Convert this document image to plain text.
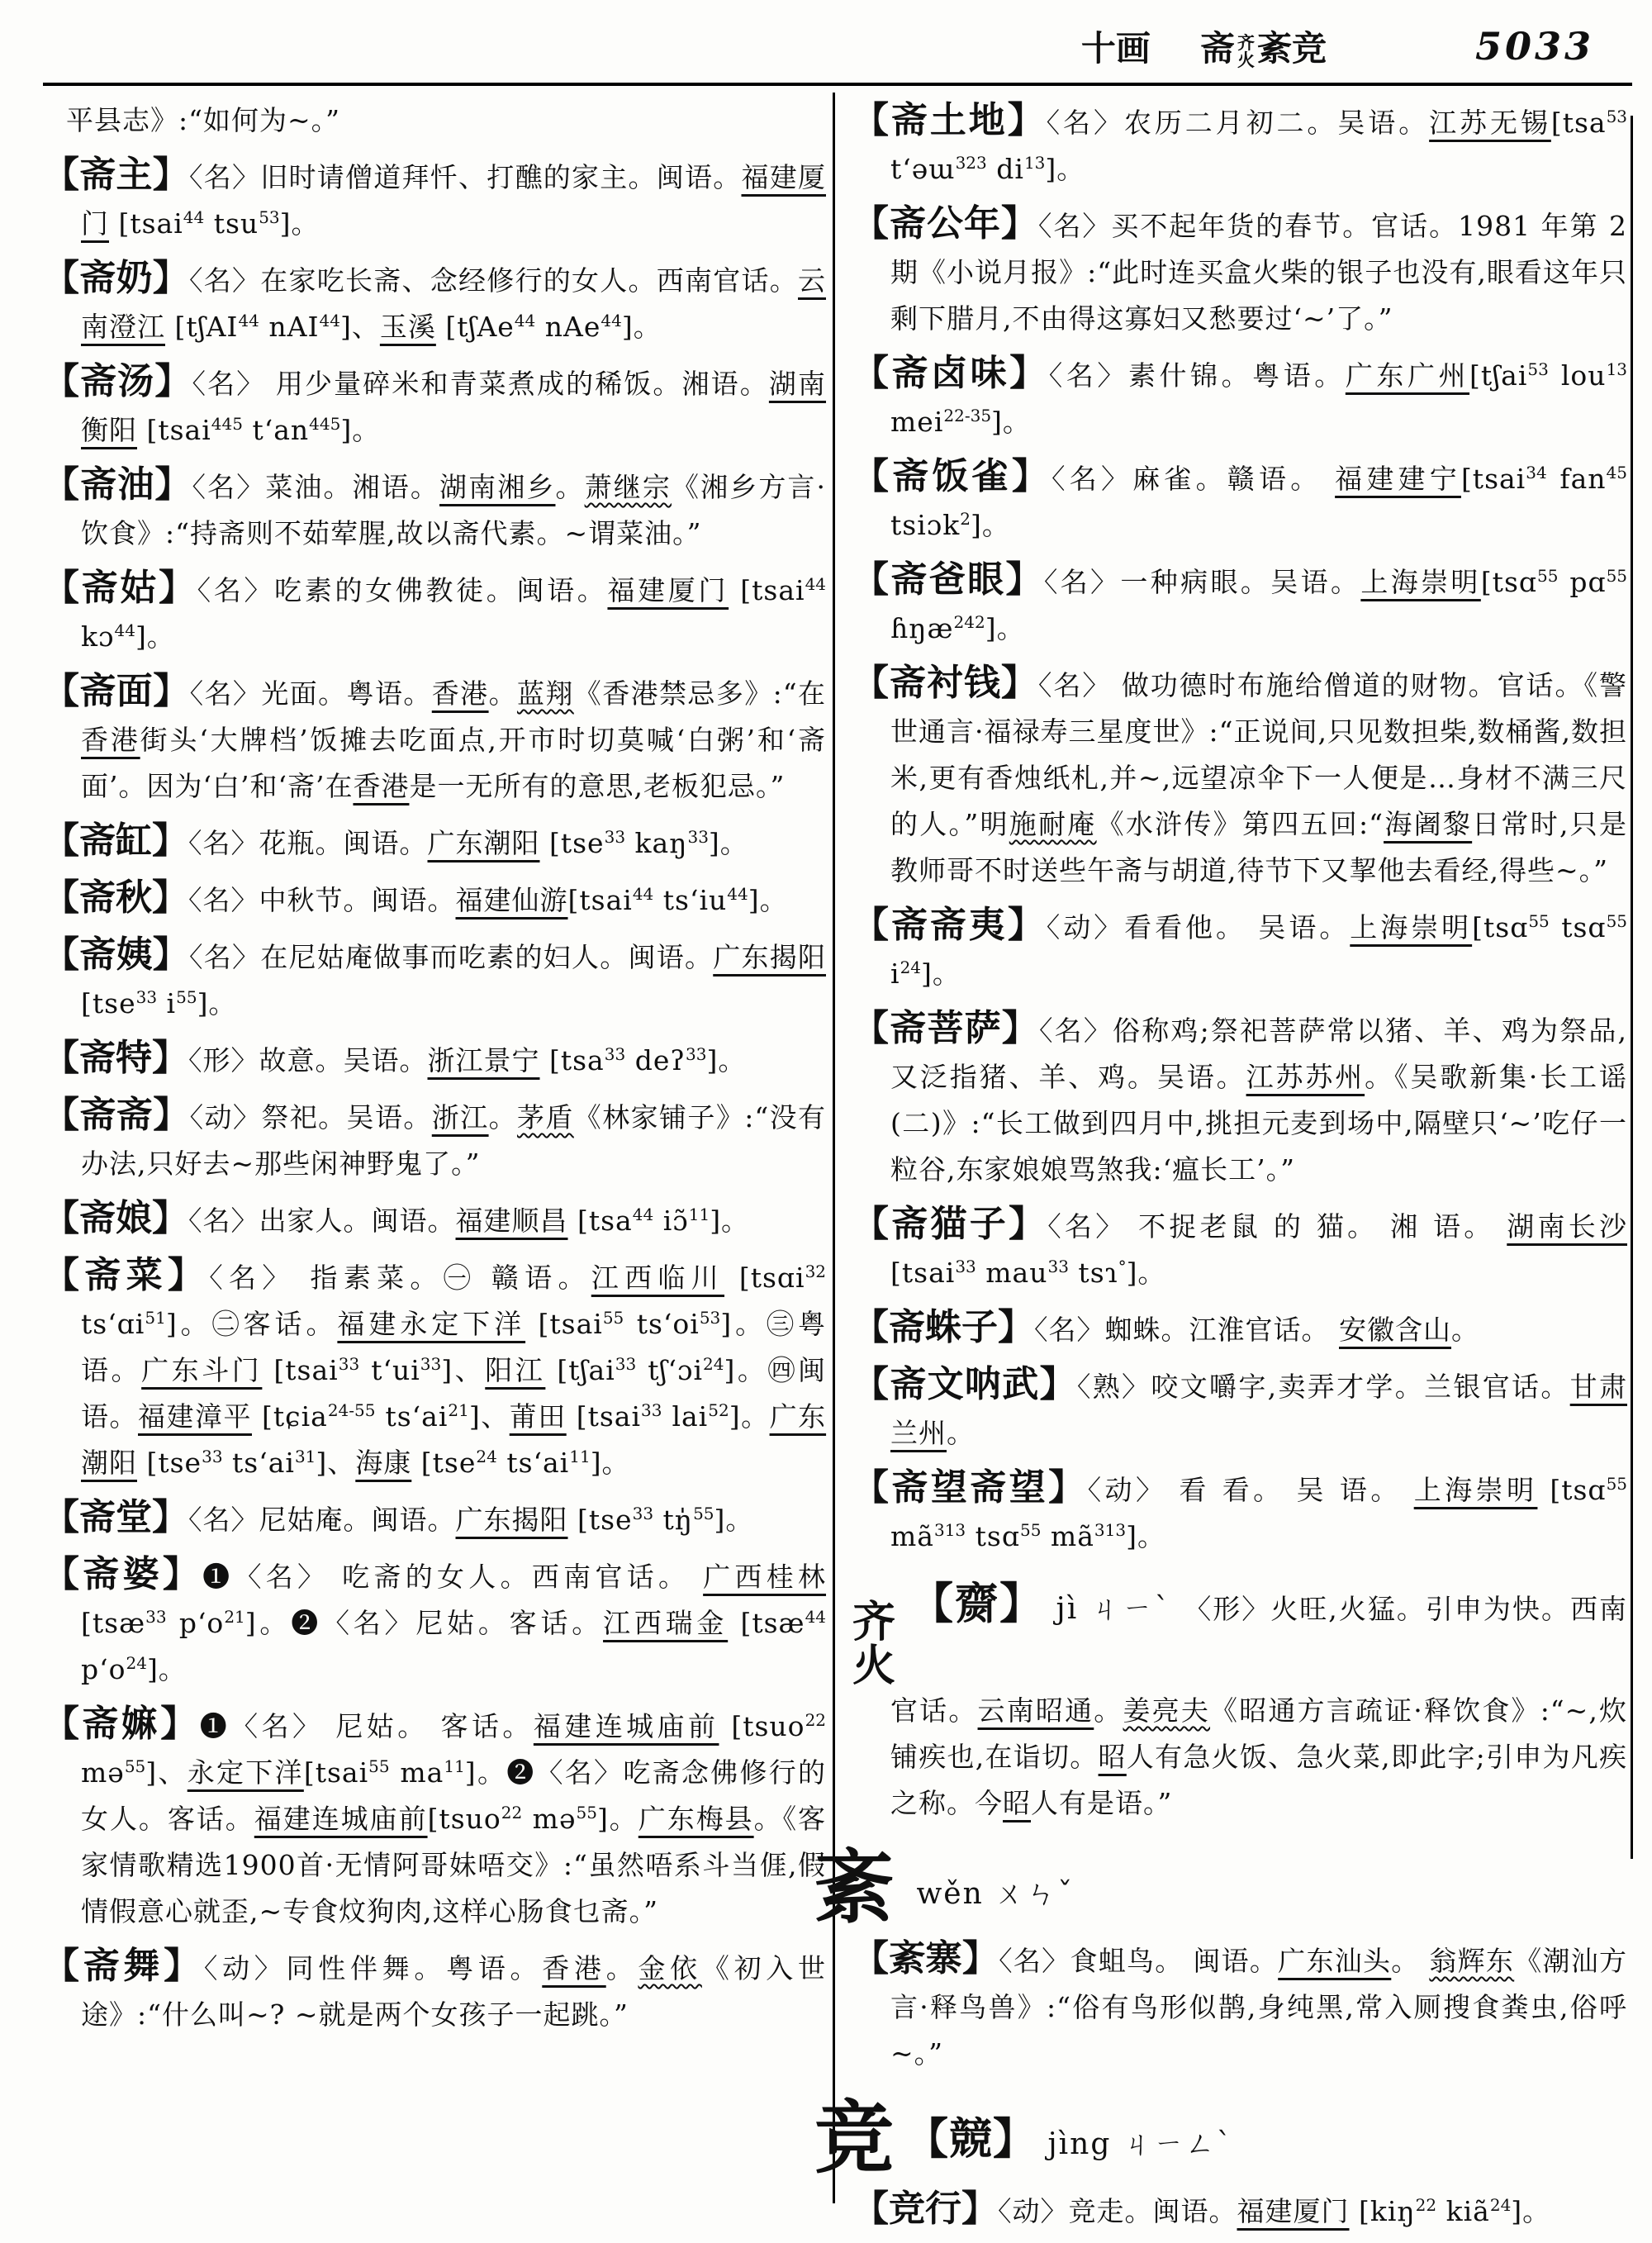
十画 斋 齐
火 紊竞	5033

平县志》:“如何为~。”

【斋主】〈名〉旧时请僧道拜忏、打醮的家主。闽语。福建厦门 [tsai$^{44}$ tsu$^{53}$]。

【斋奶】〈名〉在家吃长斋、念经修行的女人。西南官话。云南澄江 [tʃAI$^{44}$ nAI$^{44}$]、玉溪 [tʃAe$^{44}$ nAe$^{44}$]。

【斋汤】〈名〉 用少量碎米和青菜煮成的稀饭。湘语。湖南衡阳 [tsai$^{445}$ $t‘an^{445}$]。

【斋油】〈名〉菜油。湘语。湖南湘乡。萧继宗《湘乡方言·饮食》:“持斋则不茹荤腥,故以斋代素。~谓菜油。”

【斋姑】〈名〉吃素的女佛教徒。闽语。福建厦门 [tsai$^{44}$ kɔ$^{44}$]。

【斋面】〈名〉光面。粤语。香港。蓝翔《香港禁忌多》:“在香港街头‘大牌档’饭摊去吃面点,开市时切莫喊‘白粥’和‘斋面’。因为‘白’和‘斋’在香港是一无所有的意思,老板犯忌。”

【斋缸】〈名〉花瓶。闽语。广东潮阳 [tse$^{33}$ kaŋ$^{33}$]。

【斋秋】〈名〉中秋节。闽语。福建仙游[tsai$^{44}$ $ts‘iu^{44}$]。

【斋姨】〈名〉在尼姑庵做事而吃素的妇人。闽语。广东揭阳 [tse$^{33}$ $i^{55}$]。

【斋特】〈形〉故意。吴语。浙江景宁 [tsa$^{33}$ deʔ$^{33}$]。

【斋斋】〈动〉祭祀。吴语。浙江。茅盾《林家铺子》:“没有办法,只好去~那些闲神野鬼了。”

【斋娘】〈名〉出家人。闽语。福建顺昌 [tsa$^{44}$ iɔ̃$^{11}$]。

【斋菜】〈名〉 指素菜。㊀ 赣语。江西临川 [tsɑi$^{32}$ ts‘ɑi$^{51}$]。㊁客话。福建永定下洋 [tsai$^{55}$ $ts‘oi^{53}$]。㊂粤语。广东斗门 [tsai$^{33}$ $t‘ui^{33}$]、阳江 [tʃai$^{33}$ tʃ‘ɔi$^{24}$]。㊃闽语。福建漳平 [tɕia$^{24-55}$ $ts‘ai^{21}$]、莆田 [tsai$^{33}$ lai$^{52}$]。广东潮阳 [tse$^{33}$ $ts‘ai^{31}$]、海康 [tse$^{24}$ $ts‘ai^{11}$]。

【斋堂】〈名〉尼姑庵。闽语。广东揭阳 [tse$^{33}$ tŋ̍$^{55}$]。

【斋婆】❶〈名〉 吃斋的女人。西南官话。 广西桂林 [tsæ$^{33}$ $p‘o^{21}$]。❷〈名〉尼姑。客话。江西瑞金 [tsæ$^{44}$ $p‘o^{24}$]。

【斋嫲】❶〈名〉 尼姑。 客话。福建连城庙前 [tsuo$^{22}$ mə$^{55}$]、永定下洋[tsai$^{55}$ $ma^{11}$]。❷〈名〉吃斋念佛修行的女人。客话。福建连城庙前[tsuo$^{22}$ mə$^{55}$]。广东梅县。《客家情歌精选1900首·无情阿哥妹唔交》:“虽然唔系斗当𠊎,假情假意心就歪,~专食炆狗肉,这样心肠食乜斋。”

【斋舞】〈动〉同性伴舞。粤语。香港。金依《初入世途》:“什么叫~? ~就是两个女孩子一起跳。”

【斋土地】〈名〉农历二月初二。吴语。江苏无锡[tsa$^{53}$ t‘əɯ$^{323}$ $di^{13}$]。

【斋公年】〈名〉买不起年货的春节。官话。1981 年第 2 期《小说月报》:“此时连买盒火柴的银子也没有,眼看这年只剩下腊月,不由得这寡妇又愁要过‘~’了。”

【斋卤味】〈名〉素什锦。粤语。广东广州[tʃai$^{53}$ lou$^{13}$ mei$^{22-35}$]。

【斋饭雀】〈名〉麻雀。赣语。 福建建宁[tsai$^{34}$ fan$^{45}$ tsiɔk$^2$]。

【斋爸眼】〈名〉一种病眼。吴语。上海崇明[tsɑ$^{55}$ pɑ$^{55}$ ɦŋæ$^{242}$]。

【斋衬钱】〈名〉 做功德时布施给僧道的财物。官话。《警世通言·福禄寿三星度世》:“正说间,只见数担柴,数桶酱,数担米,更有香烛纸札,并~,远望凉伞下一人便是…身材不满三尺的人。”明施耐庵《水浒传》第四五回:“海阇黎日常时,只是教师哥不时送些午斋与胡道,待节下又挈他去看经,得些~。”

【斋斋夷】〈动〉看看他。 吴语。上海崇明[tsɑ$^{55}$ tsɑ$^{55}$ $i^{24}$]。

【斋菩萨】〈名〉俗称鸡;祭祀菩萨常以猪、羊、鸡为祭品,又泛指猪、羊、鸡。吴语。江苏苏州。《吴歌新集·长工谣(二)》:“长工做到四月中,挑担元麦到场中,隔壁只‘~’吃仔一粒谷,东家娘娘骂煞我:‘瘟长工’。”

【斋猫子】〈名〉 不捉老鼠 的 猫。 湘 语。 湖南长沙 [tsai$^{33}$ mau$^{33}$ tsɿ°]。

【斋蛛子】〈名〉蜘蛛。江淮官话。 安徽含山。

【斋文呐武】〈熟〉咬文嚼字,卖弄才学。兰银官话。甘肃兰州。

【斋望斋望】〈动〉 看 看。 吴 语。 上海崇明 [tsɑ$^{55}$ $mã^{313}$ tsɑ$^{55}$ $mã^{313}$]。

齐
火
【齌】 jì ㄐㄧˋ 〈形〉火旺,火猛。引申为快。西南官话。云南昭通。姜亮夫《昭通方言疏证·释饮食》:“~,炊铺疾也,在诣切。昭人有急火饭、急火菜,即此字;引申为凡疾之称。今昭人有是语。”

紊 wěn ㄨㄣˇ

【紊寨】〈名〉食蛆鸟。 闽语。广东汕头。 翁辉东《潮汕方言·释鸟兽》:“俗有鸟形似鹊,身纯黑,常入厕搜食粪虫,俗呼~。”

竞 【競】 jìng ㄐㄧㄥˋ

【竞行】〈动〉竞走。闽语。福建厦门 [kiŋ$^{22}$ kiã$^{24}$]。
